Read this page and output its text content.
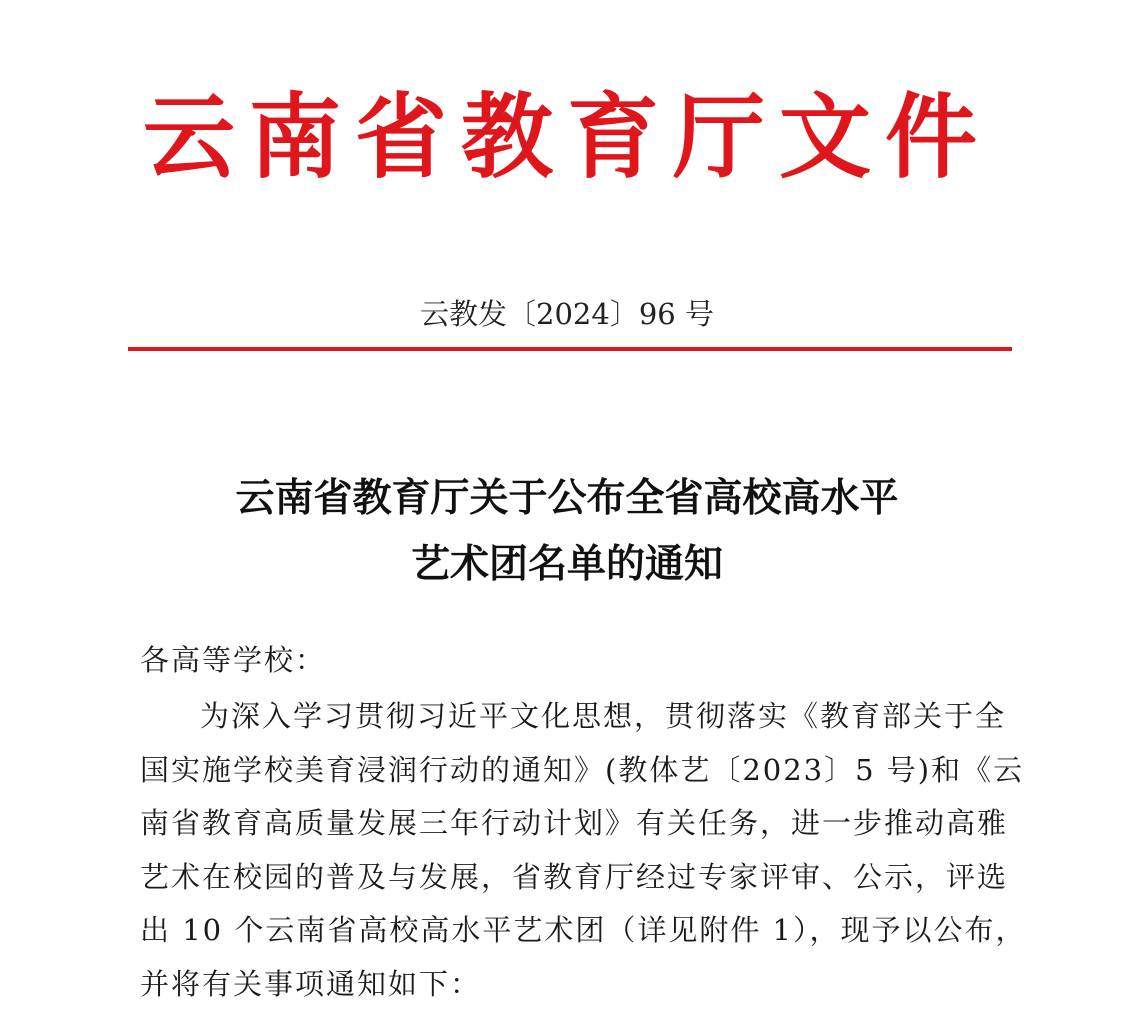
云南省教育厅文件
云教发〔2024〕96 号
云南省教育厅关于公布全省高校高水平
艺术团名单的通知
各高等学校：
为深入学习贯彻习近平文化思想，贯彻落实《教育部关于全
国实施学校美育浸润行动的通知》(教体艺〔2023〕5 号)和《云
南省教育高质量发展三年行动计划》有关任务，进一步推动高雅
艺术在校园的普及与发展，省教育厅经过专家评审、公示，评选
出 10 个云南省高校高水平艺术团（详见附件 1），现予以公布，
并将有关事项通知如下：
